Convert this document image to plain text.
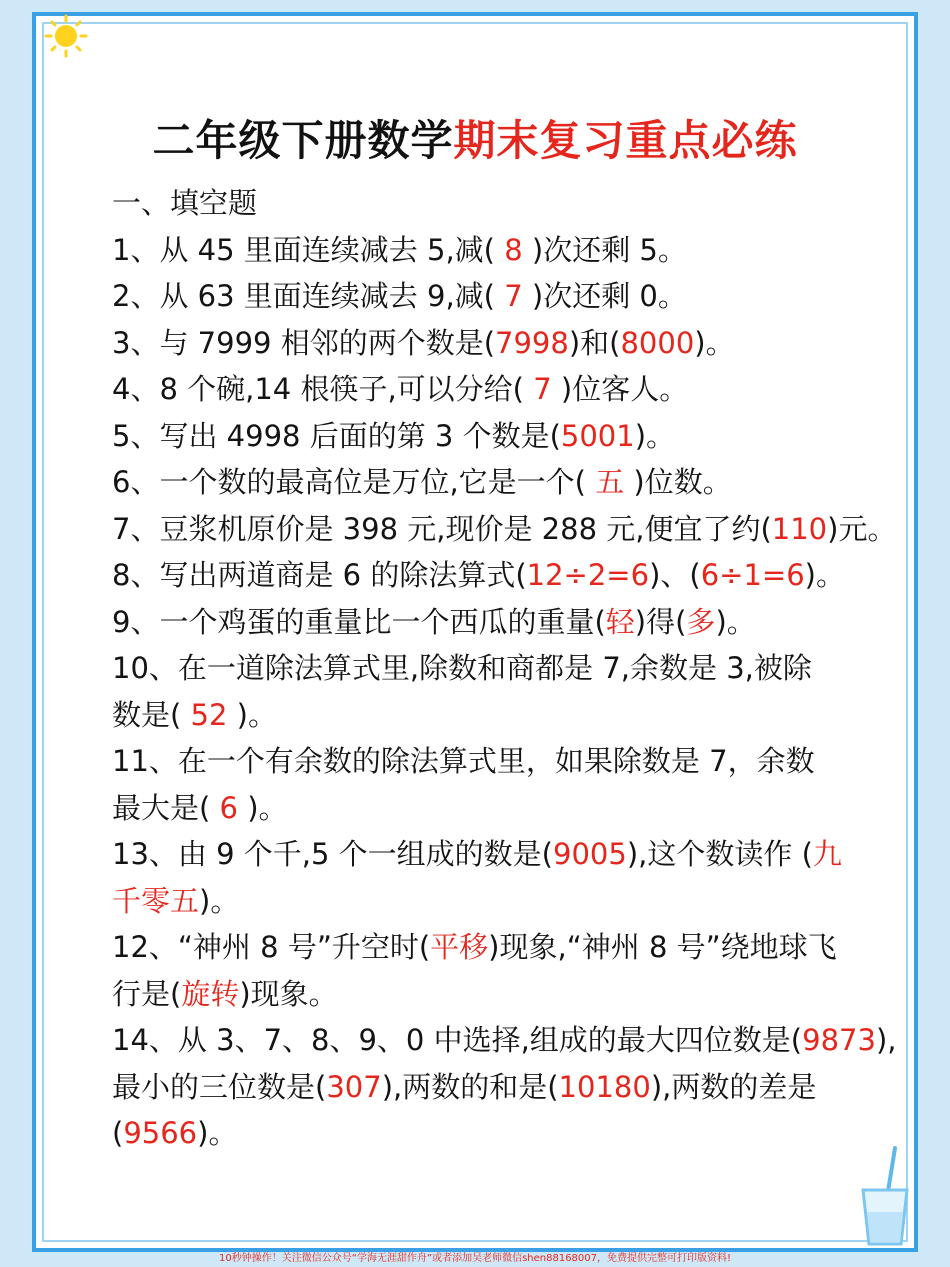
二年级下册数学期末复习重点必练
一、填空题
1、从 45 里面连续减去 5,减( 8 )次还剩 5。
2、从 63 里面连续减去 9,减( 7 )次还剩 0。
3、与 7999 相邻的两个数是(7998)和(8000)。
4、8 个碗,14 根筷子,可以分给( 7 )位客人。
5、写出 4998 后面的第 3 个数是(5001)。
6、一个数的最高位是万位,它是一个( 五 )位数。
7、豆浆机原价是 398 元,现价是 288 元,便宜了约(110)元。
8、写出两道商是 6 的除法算式(12÷2=6)、(6÷1=6)。
9、一个鸡蛋的重量比一个西瓜的重量(轻)得(多)。
10、在一道除法算式里,除数和商都是 7,余数是 3,被除
数是( 52 )。
11、在一个有余数的除法算式里，如果除数是 7，余数
最大是( 6 )。
13、由 9 个千,5 个一组成的数是(9005),这个数读作 (九
千零五)。
12、“神州 8 号”升空时(平移)现象,“神州 8 号”绕地球飞
行是(旋转)现象。
14、从 3、7、8、9、0 中选择,组成的最大四位数是(9873),
最小的三位数是(307),两数的和是(10180),两数的差是
(9566)。
10秒钟操作！关注微信公众号“学海无涯甜作舟”或者添加吴老师微信shen88168007，免费提供完整可打印版资料!
